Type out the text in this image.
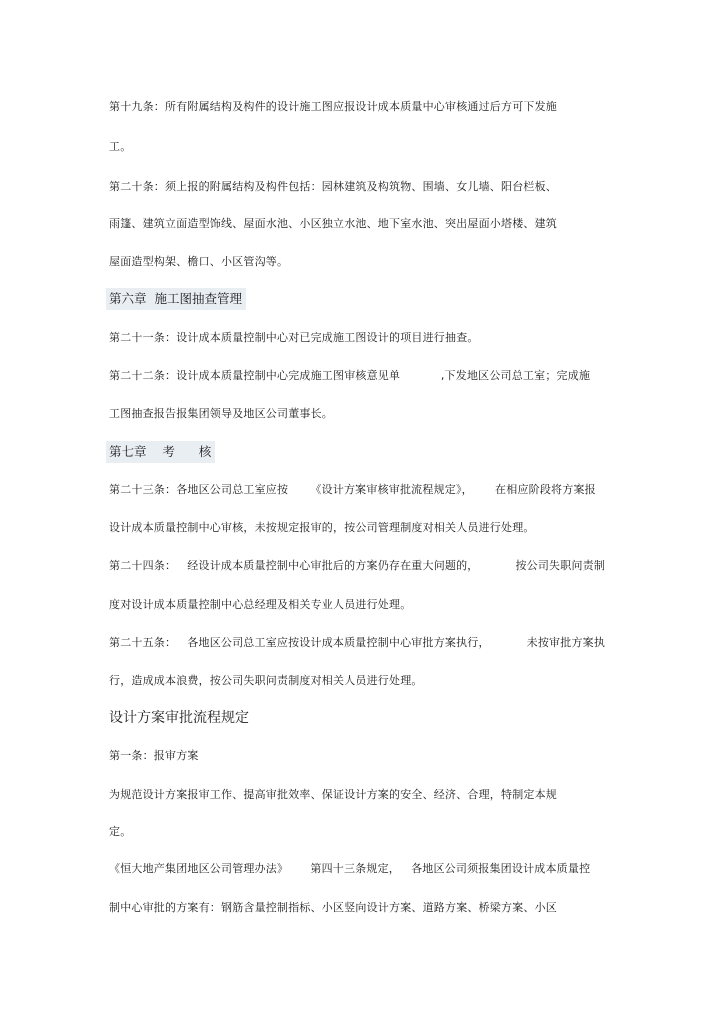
第十九条：所有附属结构及构件的设计施工图应报设计成本质量中心审核通过后方可下发施
工。
第二十条：须上报的附属结构及构件包括：园林建筑及构筑物、围墙、女儿墙、阳台栏板、
雨篷、建筑立面造型饰线、屋面水池、小区独立水池、地下室水池、突出屋面小塔楼、建筑
屋面造型构架、檐口、小区管沟等。
第六章  施工图抽查管理
第二十一条：设计成本质量控制中心对已完成施工图设计的项目进行抽查。
第二十二条：设计成本质量控制中心完成施工图审核意见单           ,下发地区公司总工室；完成施
工图抽查报告报集团领导及地区公司董事长。
第七章    考      核
第二十三条：各地区公司总工室应按      《设计方案审核审批流程规定》，      在相应阶段将方案报
设计成本质量控制中心审核，未按规定报审的，按公司管理制度对相关人员进行处理。
第二十四条：   经设计成本质量控制中心审批后的方案仍存在重大问题的，          按公司失职问责制
度对设计成本质量控制中心总经理及相关专业人员进行处理。
第二十五条：   各地区公司总工室应按设计成本质量控制中心审批方案执行，          未按审批方案执
行，造成成本浪费，按公司失职问责制度对相关人员进行处理。
设计方案审批流程规定
第一条：报审方案
为规范设计方案报审工作、提高审批效率、保证设计方案的安全、经济、合理，特制定本规
定。
《恒大地产集团地区公司管理办法》      第四十三条规定，   各地区公司须报集团设计成本质量控
制中心审批的方案有：钢筋含量控制指标、小区竖向设计方案、道路方案、桥梁方案、小区
